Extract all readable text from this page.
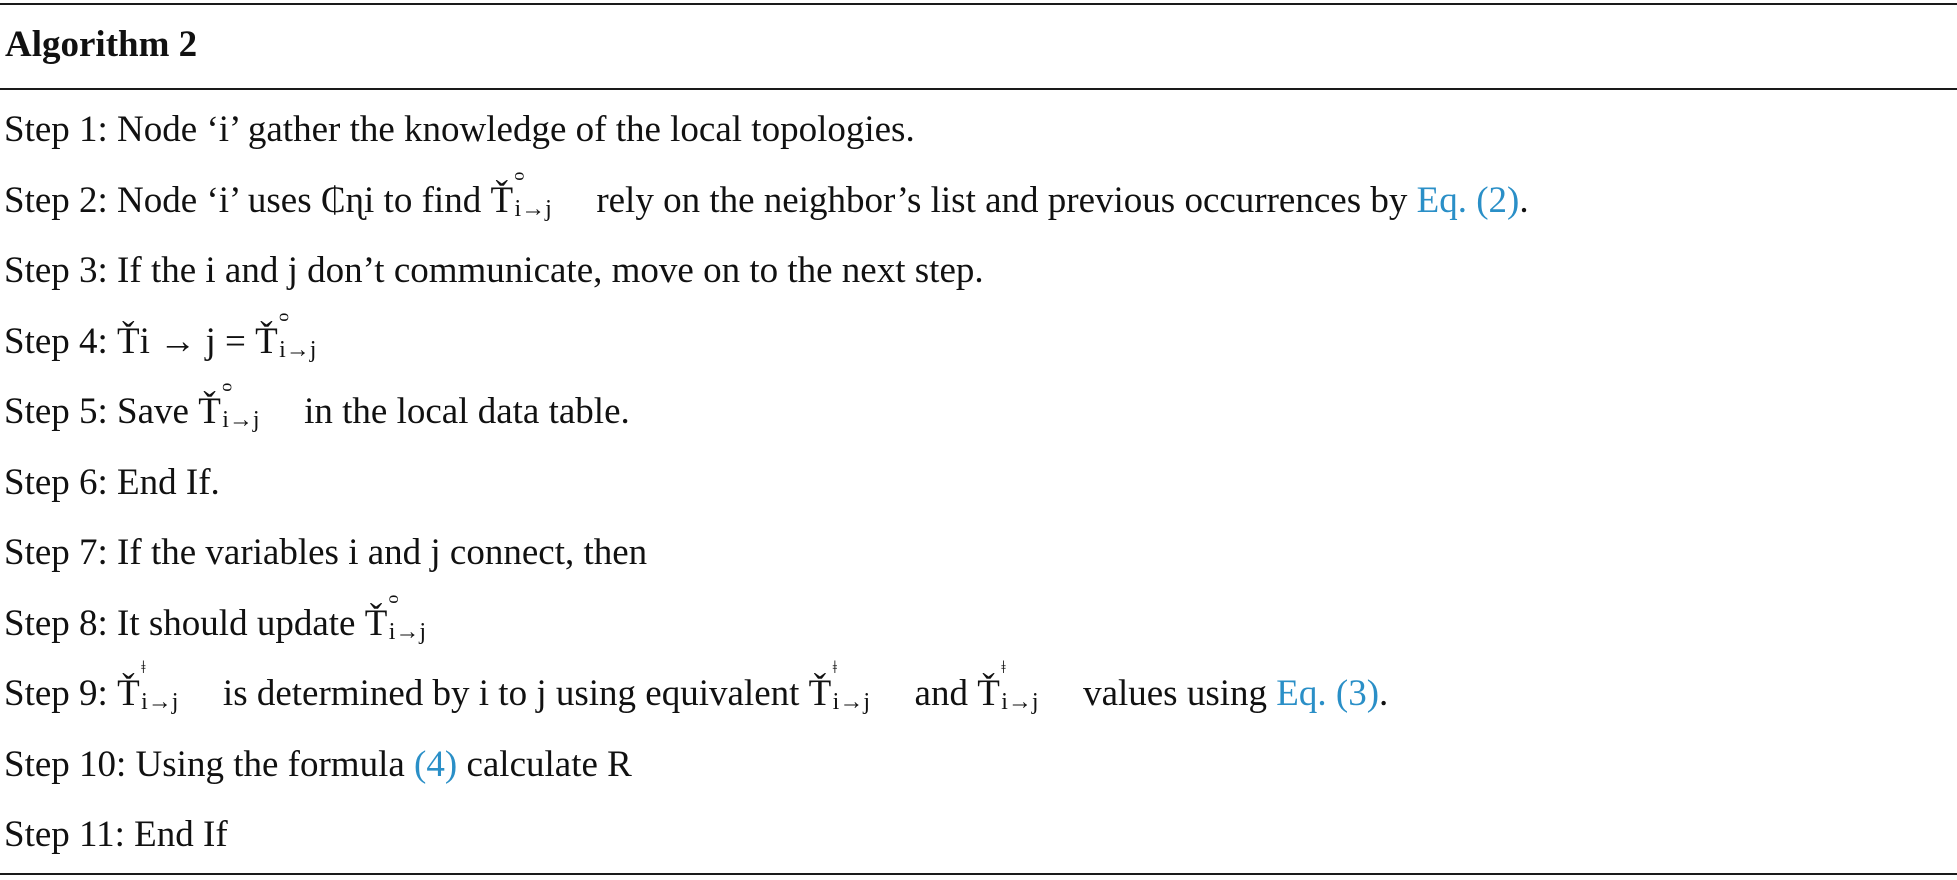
Algorithm 2
Step 1: Node ‘i’ gather the knowledge of the local topologies.
Step 2: Node ‘i’ uses ₵ɳi to find Ť
ᴑ
i→j rely on the neighbor’s list and previous occurrences by Eq. (2).
Step 3: If the i and j don’t communicate, move on to the next step.
Step 4: Ťi → j = Ť
ᴑ
i→j
Step 5: Save Ť
ᴑ
i→j in the local data table.
Step 6: End If.
Step 7: If the variables i and j connect, then
Step 8: It should update Ť
ᴑ
i→j
Step 9: Ť
ǂ
i→j is determined by i to j using equivalent Ť
ǂ
i→j and Ť
ǂ
i→j values using Eq. (3).
Step 10: Using the formula (4) calculate R
Step 11: End If
